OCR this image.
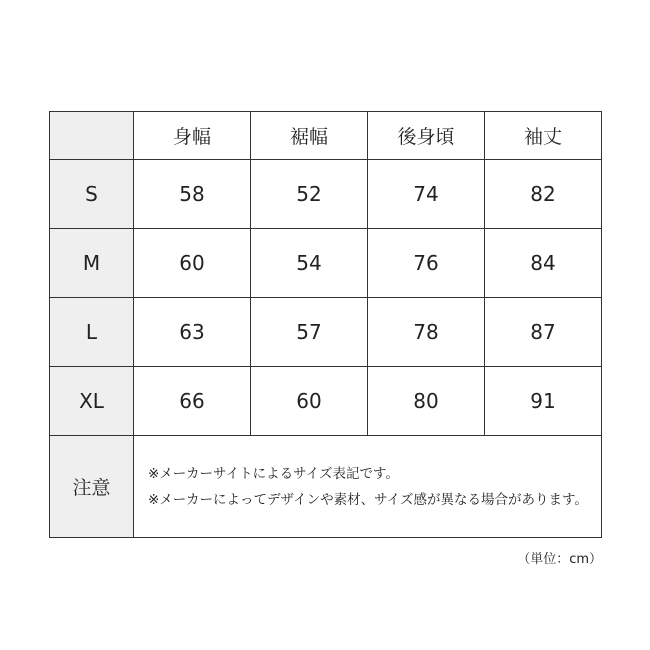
	身幅	裾幅	後身頃	袖丈
S	58	52	74	82
M	60	54	76	84
L	63	57	78	87
XL	66	60	80	91
注意	※メーカーサイトによるサイズ表記です。
※メーカーによってデザインや素材、サイズ感が異なる場合があります。			
（単位：cm）
